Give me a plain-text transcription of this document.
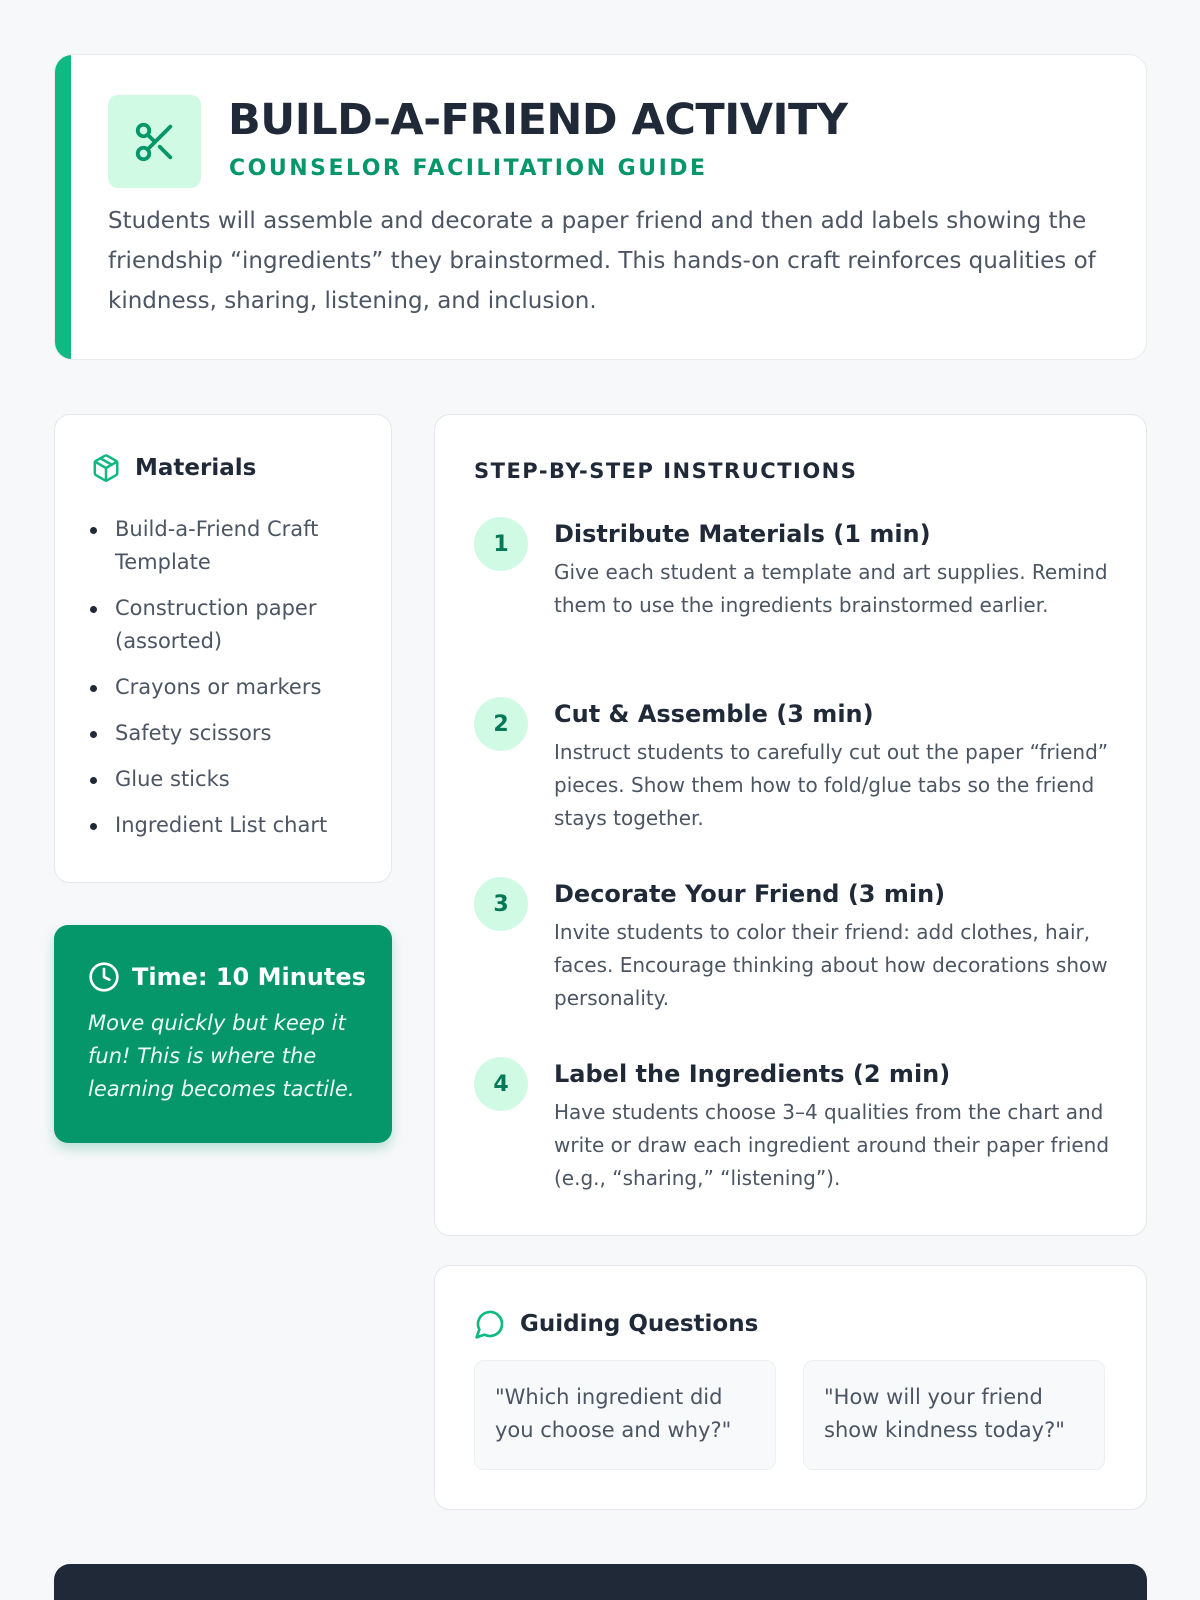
BUILD-A-FRIEND ACTIVITY
COUNSELOR FACILITATION GUIDE
Students will assemble and decorate a paper friend and then add labels showing the friendship “ingredients” they brainstormed. This hands-on craft reinforces qualities of kindness, sharing, listening, and inclusion.
Materials
Build-a-Friend Craft Template
Construction paper (assorted)
Crayons or markers
Safety scissors
Glue sticks
Ingredient List chart
Time: 10 Minutes
Move quickly but keep it fun! This is where the learning becomes tactile.
STEP-BY-STEP INSTRUCTIONS
1	Distribute Materials (1 min)
Give each student a template and art supplies. Remind them to use the ingredients brainstormed earlier.
2	Cut & Assemble (3 min)
Instruct students to carefully cut out the paper “friend” pieces. Show them how to fold/glue tabs so the friend stays together.
3	Decorate Your Friend (3 min)
Invite students to color their friend: add clothes, hair, faces. Encourage thinking about how decorations show personality.
4	Label the Ingredients (2 min)
Have students choose 3–4 qualities from the chart and write or draw each ingredient around their paper friend (e.g., “sharing,” “listening”).
Guiding Questions
"Which ingredient did you choose and why?"
"How will your friend show kindness today?"
